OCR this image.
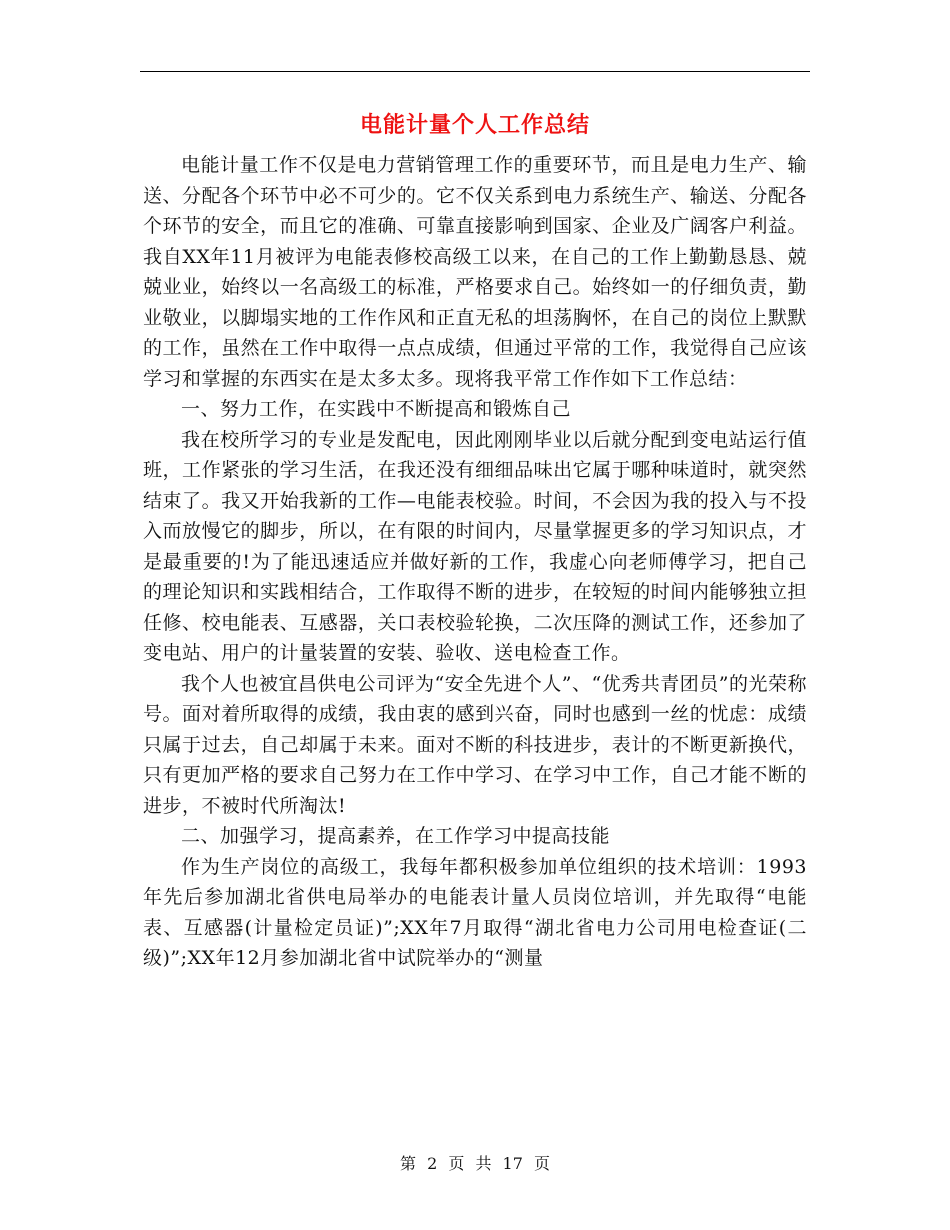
电能计量个人工作总结

电能计量工作不仅是电力营销管理工作的重要环节，而且是电力生产、输送、分配各个环节中必不可少的。它不仅关系到电力系统生产、输送、分配各个环节的安全，而且它的准确、可靠直接影响到国家、企业及广阔客户利益。我自XX年11月被评为电能表修校高级工以来，在自己的工作上勤勤恳恳、兢兢业业，始终以一名高级工的标准，严格要求自己。始终如一的仔细负责，勤业敬业，以脚塌实地的工作作风和正直无私的坦荡胸怀，在自己的岗位上默默的工作，虽然在工作中取得一点点成绩，但通过平常的工作，我觉得自己应该学习和掌握的东西实在是太多太多。现将我平常工作作如下工作总结：

一、努力工作，在实践中不断提高和锻炼自己

我在校所学习的专业是发配电，因此刚刚毕业以后就分配到变电站运行值班，工作紧张的学习生活，在我还没有细细品味出它属于哪种味道时，就突然结束了。我又开始我新的工作—电能表校验。时间，不会因为我的投入与不投入而放慢它的脚步，所以，在有限的时间内，尽量掌握更多的学习知识点，才是最重要的!为了能迅速适应并做好新的工作，我虚心向老师傅学习，把自己的理论知识和实践相结合，工作取得不断的进步，在较短的时间内能够独立担任修、校电能表、互感器，关口表校验轮换，二次压降的测试工作，还参加了变电站、用户的计量装置的安装、验收、送电检查工作。

我个人也被宜昌供电公司评为“安全先进个人”、“优秀共青团员”的光荣称号。面对着所取得的成绩，我由衷的感到兴奋，同时也感到一丝的忧虑：成绩只属于过去，自己却属于未来。面对不断的科技进步，表计的不断更新换代，只有更加严格的要求自己努力在工作中学习、在学习中工作，自己才能不断的进步，不被时代所淘汰!

二、加强学习，提高素养，在工作学习中提高技能

作为生产岗位的高级工，我每年都积极参加单位组织的技术培训：1993年先后参加湖北省供电局举办的电能表计量人员岗位培训，并先取得“电能表、互感器(计量检定员证)”;XX年7月取得“湖北省电力公司用电检查证(二级)”;XX年12月参加湖北省中试院举办的“测量

第 2 页 共 17 页
